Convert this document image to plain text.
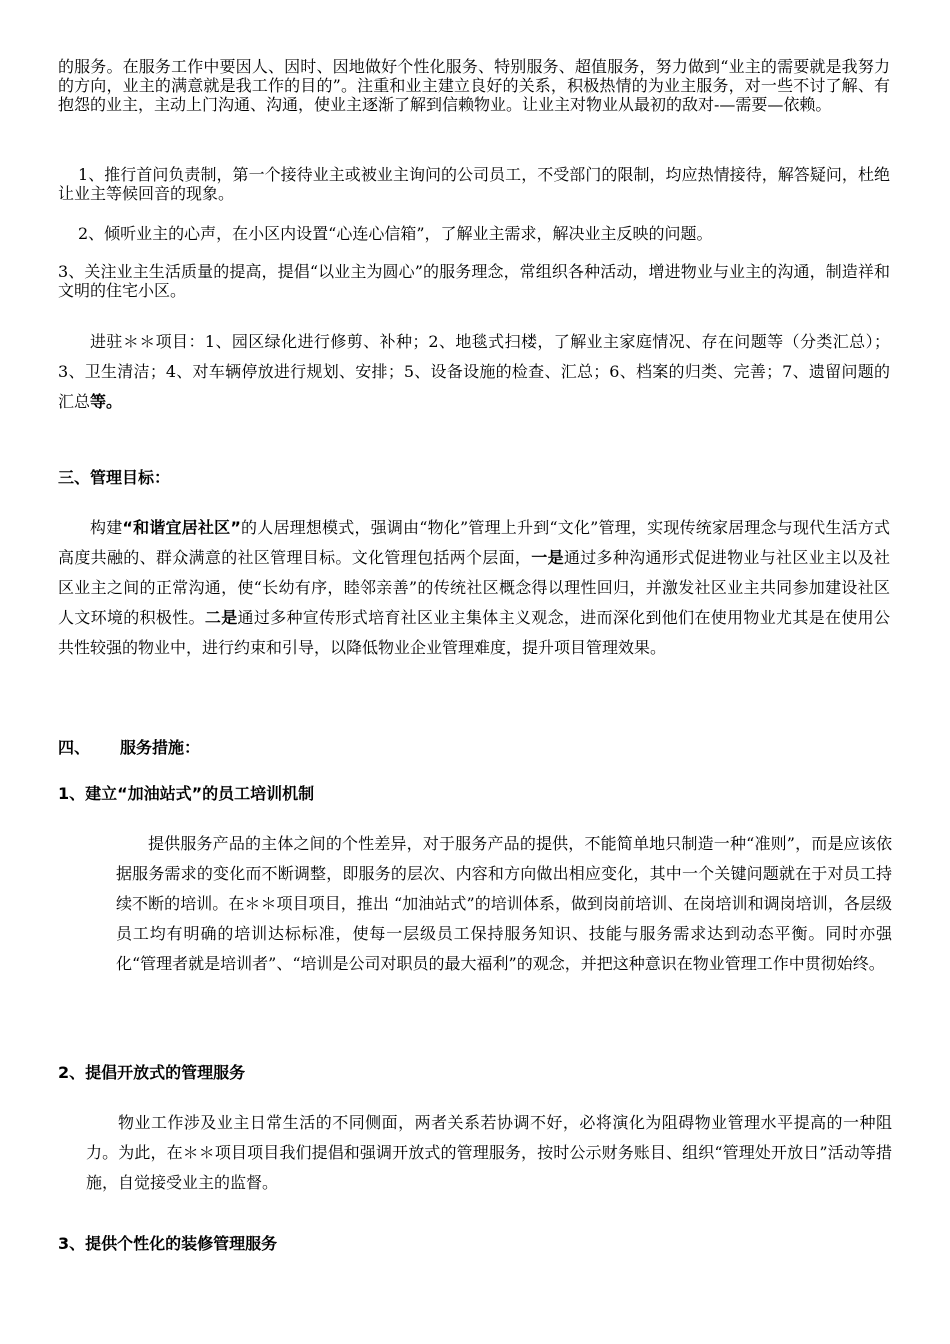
的服务。在服务工作中要因人、因时、因地做好个性化服务、特别服务、超值服务，努力做到“业主的需要就是我努力的方向，业主的满意就是我工作的目的”。注重和业主建立良好的关系，积极热情的为业主服务，对一些不讨了解、有抱怨的业主，主动上门沟通、沟通，使业主逐渐了解到信赖物业。让业主对物业从最初的敌对-—需要—依赖。

1、推行首问负责制，第一个接待业主或被业主询问的公司员工，不受部门的限制，均应热情接待，解答疑问，杜绝让业主等候回音的现象。

2、倾听业主的心声，在小区内设置“心连心信箱”，了解业主需求，解决业主反映的问题。

3、关注业主生活质量的提高，提倡“以业主为圆心”的服务理念，常组织各种活动，增进物业与业主的沟通，制造祥和文明的住宅小区。

进驻＊＊项目：1、园区绿化进行修剪、补种；2、地毯式扫楼，了解业主家庭情况、存在问题等（分类汇总）；3、卫生清洁；4、对车辆停放进行规划、安排；5、设备设施的检查、汇总；6、档案的归类、完善；7、遗留问题的汇总等。

三、管理目标：

构建“和谐宜居社区”的人居理想模式，强调由“物化”管理上升到“文化”管理，实现传统家居理念与现代生活方式高度共融的、群众满意的社区管理目标。文化管理包括两个层面，一是通过多种沟通形式促进物业与社区业主以及社区业主之间的正常沟通，使“长幼有序，睦邻亲善”的传统社区概念得以理性回归，并激发社区业主共同参加建设社区人文环境的积极性。二是通过多种宣传形式培育社区业主集体主义观念，进而深化到他们在使用物业尤其是在使用公共性较强的物业中，进行约束和引导，以降低物业企业管理难度，提升项目管理效果。

四、 服务措施：
1、建立“加油站式”的员工培训机制

提供服务产品的主体之间的个性差异，对于服务产品的提供，不能简单地只制造一种“准则”，而是应该依据服务需求的变化而不断调整，即服务的层次、内容和方向做出相应变化，其中一个关键问题就在于对员工持续不断的培训。在＊＊项目项目，推出 “加油站式”的培训体系，做到岗前培训、在岗培训和调岗培训，各层级员工均有明确的培训达标标准，使每一层级员工保持服务知识、技能与服务需求达到动态平衡。同时亦强化“管理者就是培训者”、“培训是公司对职员的最大福利”的观念，并把这种意识在物业管理工作中贯彻始终。

2、提倡开放式的管理服务

物业工作涉及业主日常生活的不同侧面，两者关系若协调不好，必将演化为阻碍物业管理水平提高的一种阻力。为此，在＊＊项目项目我们提倡和强调开放式的管理服务，按时公示财务账目、组织“管理处开放日”活动等措施，自觉接受业主的监督。

3、提供个性化的装修管理服务
